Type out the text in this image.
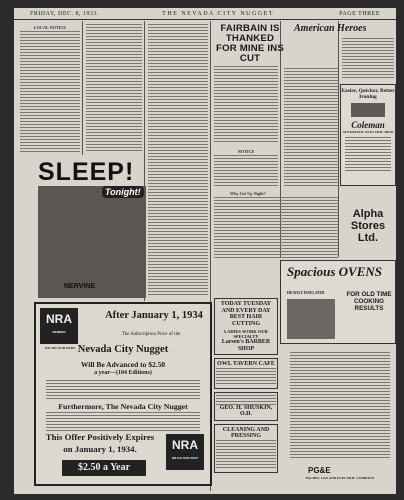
FRIDAY, DEC. 8, 1933	THE NEVADA CITY NUGGET	PAGE THREE
LOCAL NOTICE
SLEEP!
Tonight!
NERVINE
NRA
MEMBER
WE DO OUR PART
After January 1, 1934
The Subscription Price of the
Nevada City Nugget
Will Be Advanced to $2.50
a year—(104 Editions)
Furthermore, The Nevada City Nugget
This Offer Positively Expires
on January 1, 1934.
$2.50 a Year
NRA
WE DO OUR PART
FAIRBAIN IS THANKED FOR MINE INS CUT
NOTICE
Why Get Up Night?
American Heroes
Easier, Quicker, Better Ironing
Coleman
AUTOMATIC ELECTRIC IRON
Alpha Stores Ltd.
Spacious OVENS
HEAVILY INSULATED	FOR OLD TIME COOKING RESULTS
TODAY TUESDAY AND EVERY DAY BEST HAIR CUTTING
LADIES WORK OUR SPECIALTY
Larsen's BARBER SHOP
OWL TAVERN CAFE
GEO. H. SHUSKIN, O.D.
CLEANING AND PRESSING
PG&E
PACIFIC GAS AND ELECTRIC COMPANY
